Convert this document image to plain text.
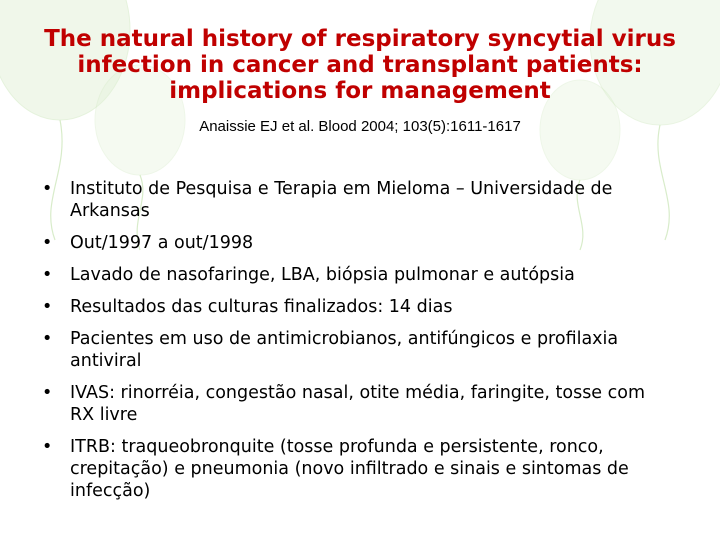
The natural history of respiratory syncytial virus infection in cancer and transplant patients: implications for management

Anaissie EJ et al. Blood 2004; 103(5):1611-1617

• Instituto de Pesquisa e Terapia em Mieloma – Universidade de Arkansas
• Out/1997 a out/1998
• Lavado de nasofaringe, LBA, biópsia pulmonar e autópsia
• Resultados das culturas finalizados: 14 dias
• Pacientes em uso de antimicrobianos, antifúngicos e profilaxia antiviral
• IVAS: rinorréia, congestão nasal, otite média, faringite, tosse com RX livre
• ITRB: traqueobronquite (tosse profunda e persistente, ronco, crepitação) e pneumonia (novo infiltrado e sinais e sintomas de infecção)
